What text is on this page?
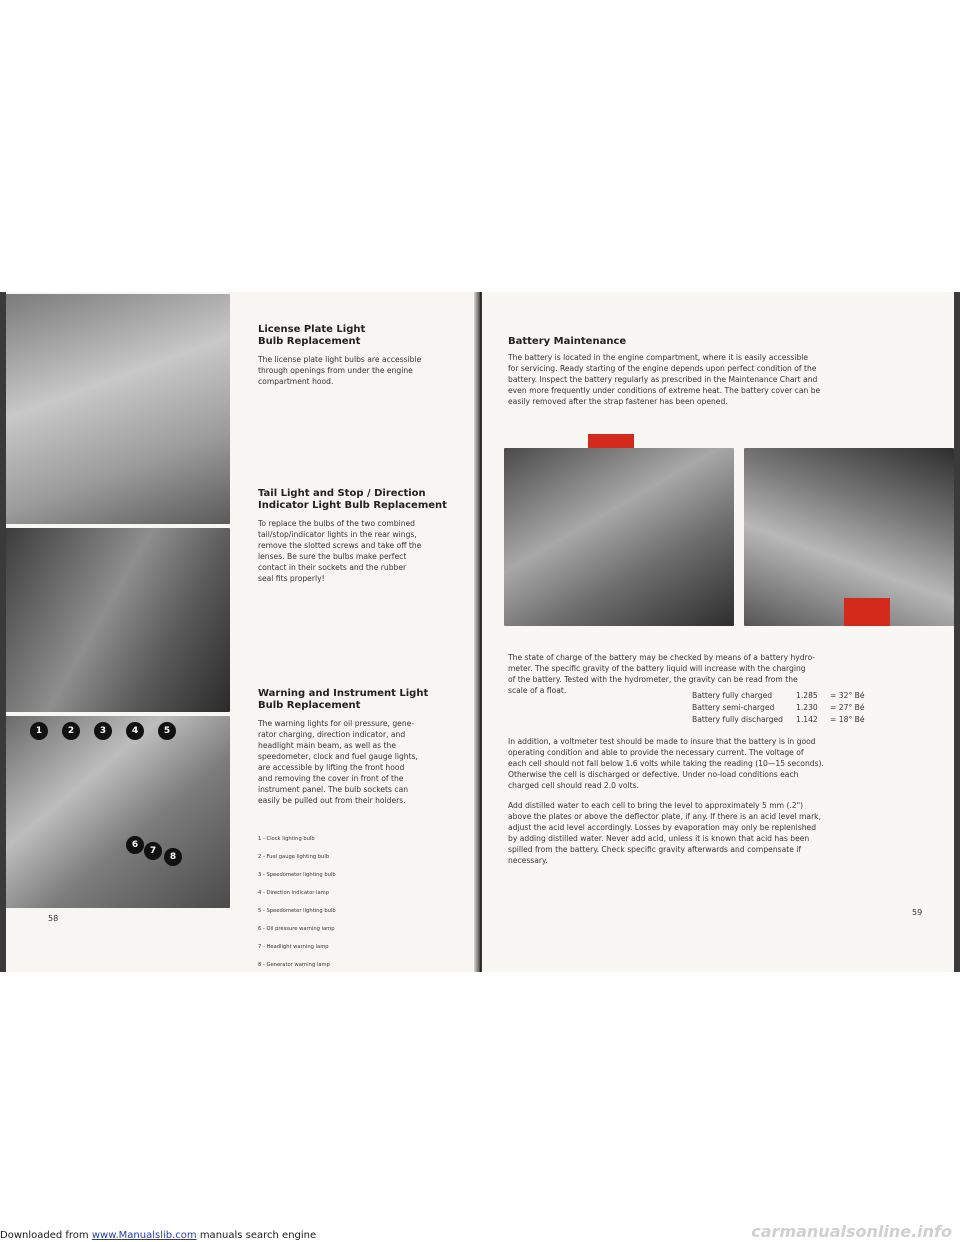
1	2	3	4	5
6
7
8
License Plate Light
Bulb Replacement
The license plate light bulbs are accessible
through openings from under the engine
compartment hood.
Tail Light and Stop / Direction
Indicator Light Bulb Replacement
To replace the bulbs of the two combined
tail/stop/indicator lights in the rear wings,
remove the slotted screws and take off the
lenses. Be sure the bulbs make perfect
contact in their sockets and the rubber
seal fits properly!
Warning and Instrument Light
Bulb Replacement
The warning lights for oil pressure, gene-
rator charging, direction indicator, and
headlight main beam, as well as the
speedometer, clock and fuel gauge lights,
are accessible by lifting the front hood
and removing the cover in front of the
instrument panel. The bulb sockets can
easily be pulled out from their holders.

1 - Clock lighting bulb

2 - Fuel gauge lighting bulb

3 - Speedometer lighting bulb

4 - Direction indicator lamp

5 - Speedometer lighting bulb

6 - Oil pressure warning lamp

7 - Headlight warning lamp

8 - Generator warning lamp

58
Battery Maintenance
The battery is located in the engine compartment, where it is easily accessible
for servicing. Ready starting of the engine depends upon perfect condition of the
battery. Inspect the battery regularly as prescribed in the Maintenance Chart and
even more frequently under conditions of extreme heat. The battery cover can be
easily removed after the strap fastener has been opened.
The state of charge of the battery may be checked by means of a battery hydro-
meter. The specific gravity of the battery liquid will increase with the charging
of the battery. Tested with the hydrometer, the gravity can be read from the
scale of a float.
Battery fully charged	1.285	= 32° Bé
Battery semi-charged	1.230	= 27° Bé
Battery fully discharged	1.142	= 18° Bé
In addition, a voltmeter test should be made to insure that the battery is in good
operating condition and able to provide the necessary current. The voltage of
each cell should not fall below 1.6 volts while taking the reading (10—15 seconds).
Otherwise the cell is discharged or defective. Under no-load conditions each
charged cell should read 2.0 volts.
Add distilled water to each cell to bring the level to approximately 5 mm (.2")
above the plates or above the deflector plate, if any. If there is an acid level mark,
adjust the acid level accordingly. Losses by evaporation may only be replenished
by adding distilled water. Never add acid, unless it is known that acid has been
spilled from the battery. Check specific gravity afterwards and compensate if
necessary.
59
Downloaded from www.Manualslib.com manuals search engine	carmanualsonline.info
